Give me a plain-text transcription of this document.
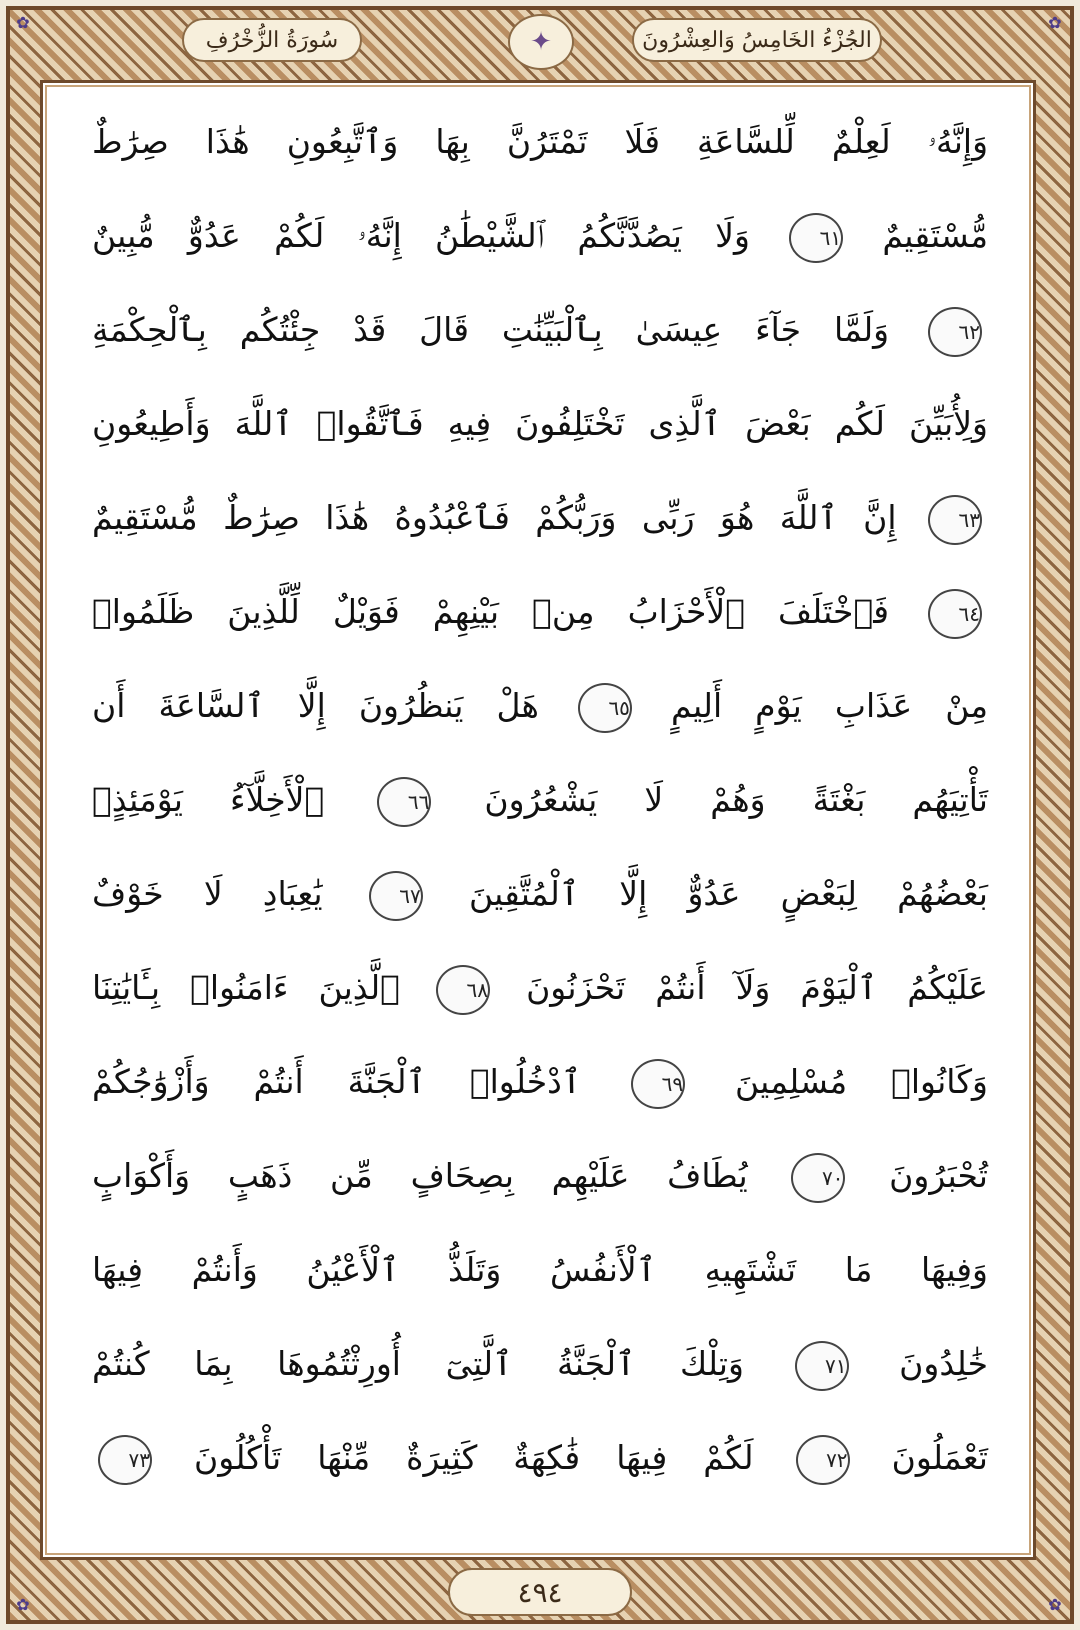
✿	✿
✿	✿
سُورَةُ الزُّخْرُفِ	✦	الجُزْءُ الخَامِسُ وَالعِشْرُونَ
وَإِنَّهُۥ لَعِلْمٌ لِّلسَّاعَةِ فَلَا تَمْتَرُنَّ بِهَا وَٱتَّبِعُونِ هَٰذَا صِرَٰطٌ
مُّسْتَقِيمٌ ٦١ وَلَا يَصُدَّنَّكُمُ ٱلشَّيْطَٰنُ إِنَّهُۥ لَكُمْ عَدُوٌّ مُّبِينٌ
٦٢ وَلَمَّا جَآءَ عِيسَىٰ بِٱلْبَيِّنَٰتِ قَالَ قَدْ جِئْتُكُم بِٱلْحِكْمَةِ
وَلِأُبَيِّنَ لَكُم بَعْضَ ٱلَّذِى تَخْتَلِفُونَ فِيهِ فَٱتَّقُوا۟ ٱللَّهَ وَأَطِيعُونِ
٦٣ إِنَّ ٱللَّهَ هُوَ رَبِّى وَرَبُّكُمْ فَٱعْبُدُوهُ هَٰذَا صِرَٰطٌ مُّسْتَقِيمٌ
٦٤ فَٱخْتَلَفَ ٱلْأَحْزَابُ مِنۢ بَيْنِهِمْ فَوَيْلٌ لِّلَّذِينَ ظَلَمُوا۟
مِنْ عَذَابِ يَوْمٍ أَلِيمٍ ٦٥ هَلْ يَنظُرُونَ إِلَّا ٱلسَّاعَةَ أَن
تَأْتِيَهُم بَغْتَةً وَهُمْ لَا يَشْعُرُونَ ٦٦ ٱلْأَخِلَّآءُ يَوْمَئِذٍۭ
بَعْضُهُمْ لِبَعْضٍ عَدُوٌّ إِلَّا ٱلْمُتَّقِينَ ٦٧ يَٰعِبَادِ لَا خَوْفٌ
عَلَيْكُمُ ٱلْيَوْمَ وَلَآ أَنتُمْ تَحْزَنُونَ ٦٨ ٱلَّذِينَ ءَامَنُوا۟ بِـَٔايَٰتِنَا
وَكَانُوا۟ مُسْلِمِينَ ٦٩ ٱدْخُلُوا۟ ٱلْجَنَّةَ أَنتُمْ وَأَزْوَٰجُكُمْ
تُحْبَرُونَ ٧٠ يُطَافُ عَلَيْهِم بِصِحَافٍ مِّن ذَهَبٍ وَأَكْوَابٍ
وَفِيهَا مَا تَشْتَهِيهِ ٱلْأَنفُسُ وَتَلَذُّ ٱلْأَعْيُنُ وَأَنتُمْ فِيهَا
خَٰلِدُونَ ٧١ وَتِلْكَ ٱلْجَنَّةُ ٱلَّتِىٓ أُورِثْتُمُوهَا بِمَا كُنتُمْ
تَعْمَلُونَ ٧٢ لَكُمْ فِيهَا فَٰكِهَةٌ كَثِيرَةٌ مِّنْهَا تَأْكُلُونَ ٧٣
٤٩٤
